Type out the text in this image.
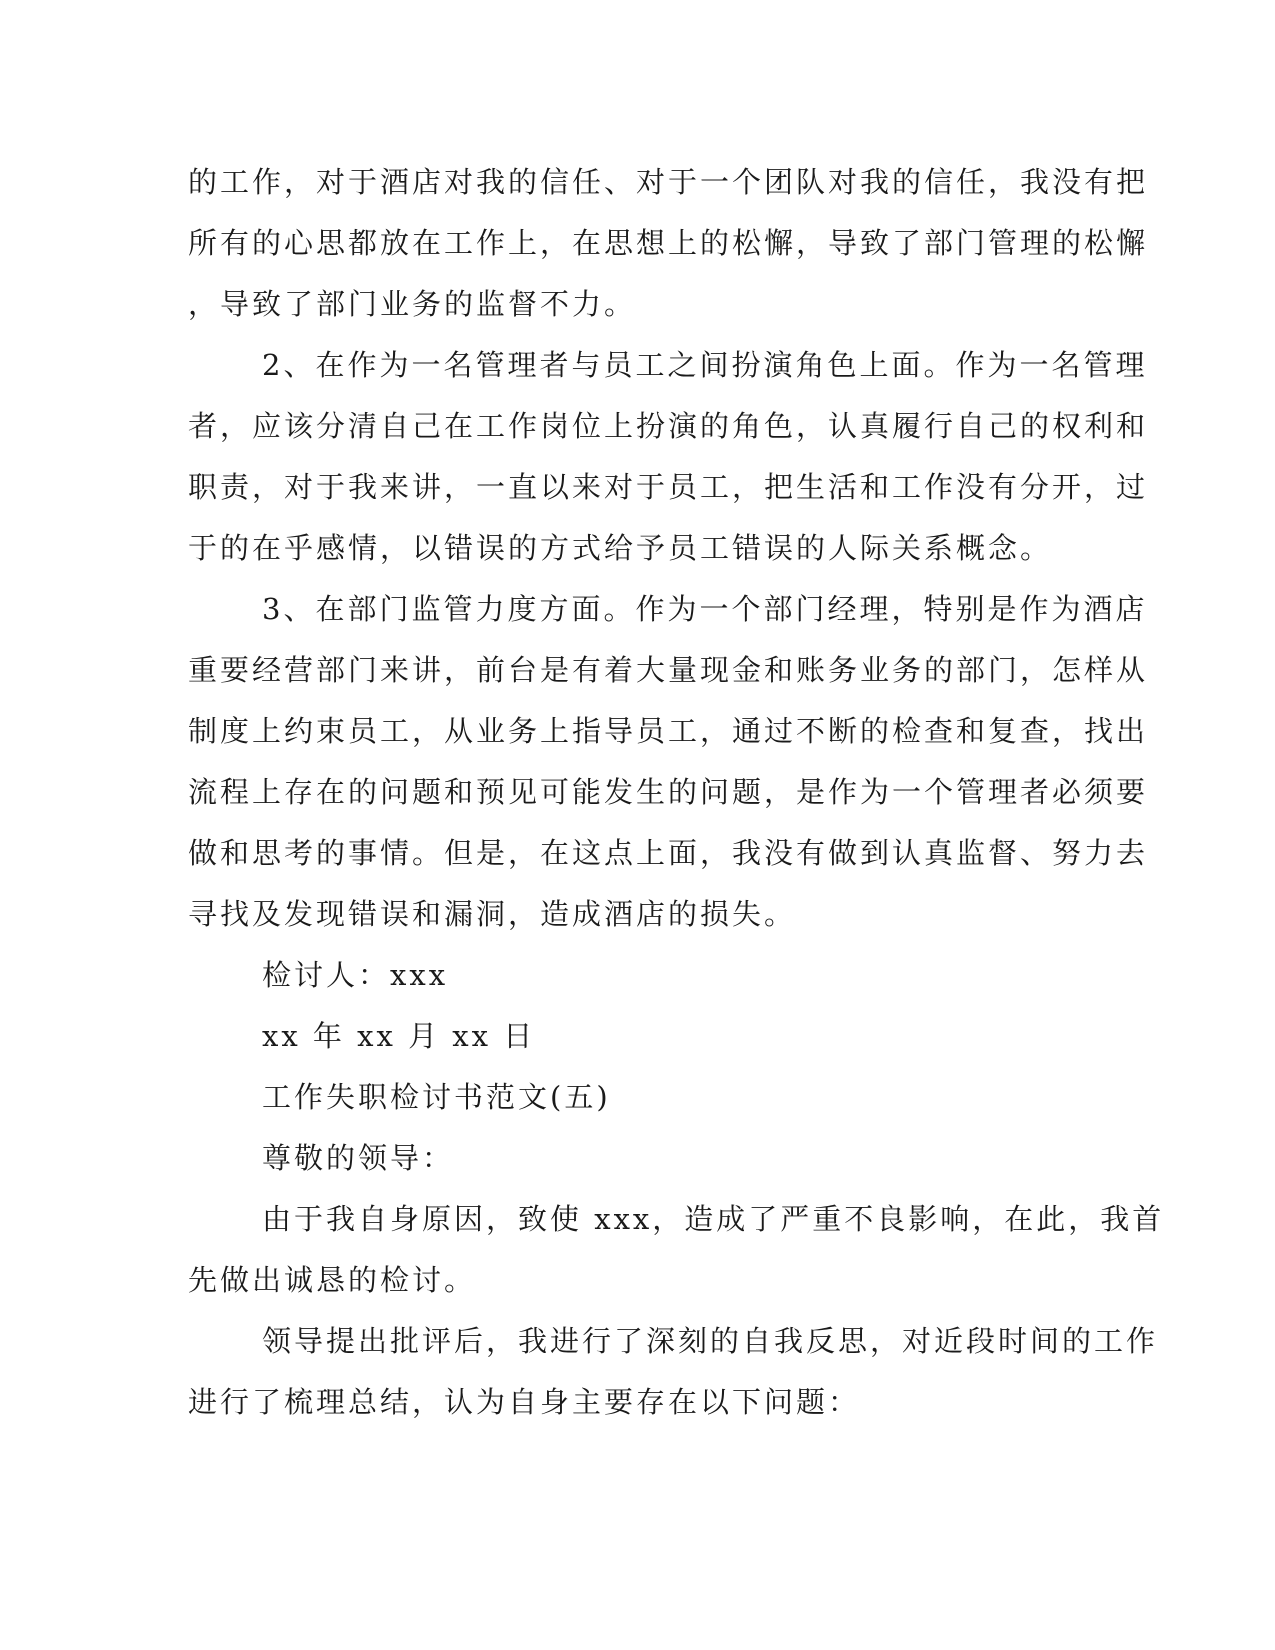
的工作，对于酒店对我的信任、对于一个团队对我的信任，我没有把

所有的心思都放在工作上，在思想上的松懈，导致了部门管理的松懈

，导致了部门业务的监督不力。

2、在作为一名管理者与员工之间扮演角色上面。作为一名管理

者，应该分清自己在工作岗位上扮演的角色，认真履行自己的权利和

职责，对于我来讲，一直以来对于员工，把生活和工作没有分开，过

于的在乎感情，以错误的方式给予员工错误的人际关系概念。

3、在部门监管力度方面。作为一个部门经理，特别是作为酒店

重要经营部门来讲，前台是有着大量现金和账务业务的部门，怎样从

制度上约束员工，从业务上指导员工，通过不断的检查和复查，找出

流程上存在的问题和预见可能发生的问题，是作为一个管理者必须要

做和思考的事情。但是，在这点上面，我没有做到认真监督、努力去

寻找及发现错误和漏洞，造成酒店的损失。

检讨人：xxx

xx 年 xx 月 xx 日

工作失职检讨书范文(五)

尊敬的领导：

由于我自身原因，致使 xxx，造成了严重不良影响，在此，我首

先做出诚恳的检讨。

领导提出批评后，我进行了深刻的自我反思，对近段时间的工作

进行了梳理总结，认为自身主要存在以下问题：
